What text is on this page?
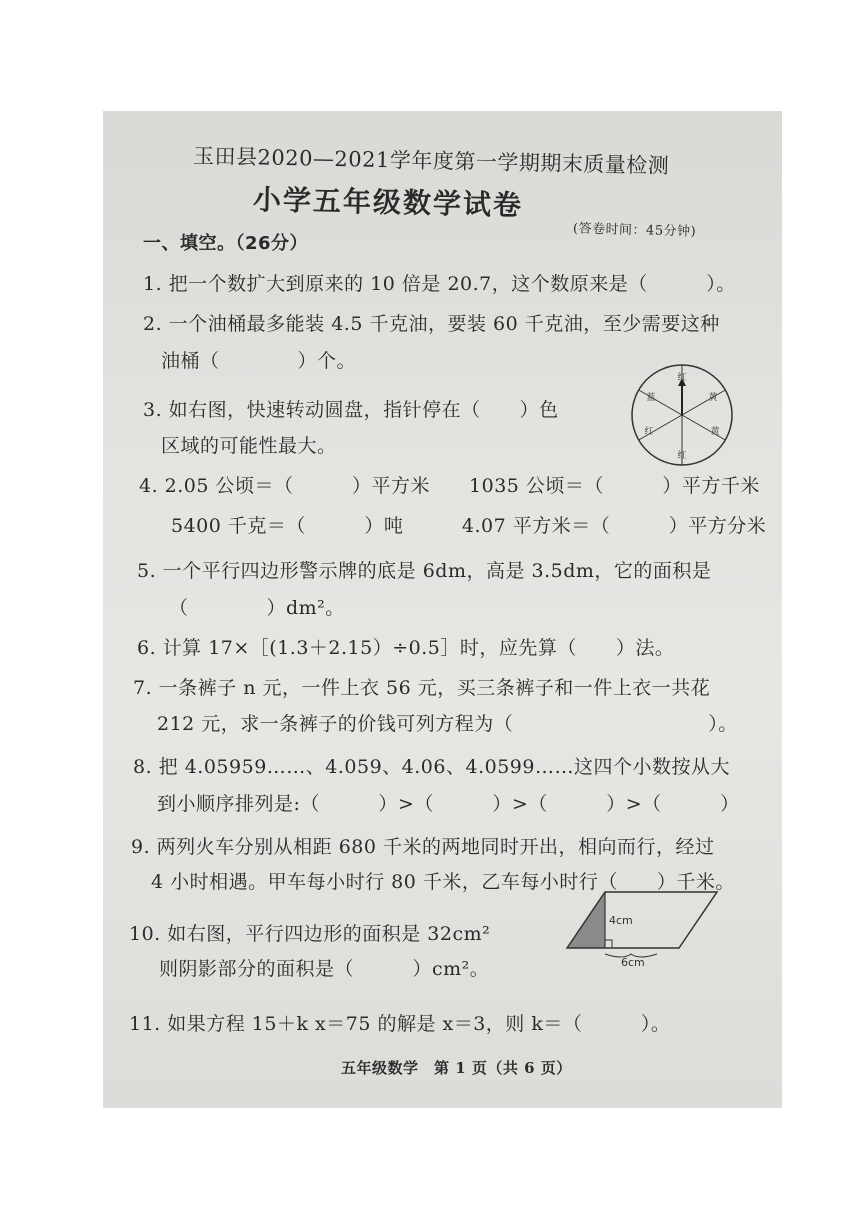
玉田县2020—2021学年度第一学期期末质量检测
小学五年级数学试卷
(答卷时间：45分钟)
一、填空。（26分）
1. 把一个数扩大到原来的 10 倍是 20.7，这个数原来是（　　　）。
2. 一个油桶最多能装 4.5 千克油，要装 60 千克油，至少需要这种
油桶（　　　　）个。
3. 如右图，快速转动圆盘，指针停在（　　）色
区域的可能性最大。
4. 2.05 公顷＝（　　　）平方米　　1035 公顷＝（　　　）平方千米
5400 千克＝（　　　）吨　　　4.07 平方米＝（　　　）平方分米
5. 一个平行四边形警示牌的底是 6dm，高是 3.5dm，它的面积是
（　　　　）dm²。
6. 计算 17×［(1.3＋2.15）÷0.5］时，应先算（　　）法。
7. 一条裤子 n 元，一件上衣 56 元，买三条裤子和一件上衣一共花
212 元，求一条裤子的价钱可列方程为（　　　　　　　　　　）。
8. 把 4.05959……、4.059、4.06、4.0599……这四个小数按从大
到小顺序排列是:（　　　）>（　　　）>（　　　）>（　　　）
9. 两列火车分别从相距 680 千米的两地同时开出，相向而行，经过
4 小时相遇。甲车每小时行 80 千米，乙车每小时行（　　）千米。
10. 如右图，平行四边形的面积是 32cm²
则阴影部分的面积是（　　　）cm²。
11. 如果方程 15＋k x＝75 的解是 x＝3，则 k＝（　　　）。
红
蓝	黄
黄
红
红
4cm
6cm
五年级数学　第 1 页（共 6 页）
